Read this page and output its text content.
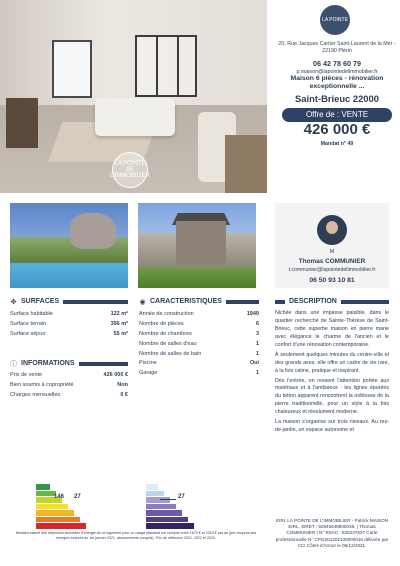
LA POINTE DE L'IMMOBILIER
LA POINTE
20, Rue Jacques Cartier Saint-Laurent de la Mer - 22190 Plérin
06 42 78 60 79
p.maison@lapointedelimmobilier.fr
Maison 6 pièces - rénovation exceptionnelle ...
Saint-Brieuc 22000
Offre de : VENTE
426 000 €
Mandat n° 49
M
Thomas COMMUNIER
t.communier@lapointedelimmobilier.fr
06 50 93 10 81
✥ SURFACES
Surface habitable	122 m²
Surface terrain	356 m²
Surface séjour	55 m²
◉ CARACTERISTIQUES
Année de construction	1949
Nombre de pièces	6
Nombre de chambres	3
Nombre de salles d'eau	1
Nombre de salles de bain	1
Piscine	Oui
Garage	1
ⓘ INFORMATIONS
Prix de vente	426 000 €
Bien soumis à copropriété	Non
Charges mensuelles	0 €
DESCRIPTION

Nichée dans une impasse paisible, dans le quartier recherché de Sainte-Thérèse de Saint-Brieuc, cette superbe maison en pierre marie avec élégance le charme de l'ancien et le confort d'une rénovation contemporaine.

À seulement quelques minutes du centre-ville et des grands axes, elle offre un cadre de vie rare, à la fois calme, pratique et inspirant.

Dès l'entrée, on ressent l'attention portée aux matériaux et à l'ambiance : les lignes épurées du béton apparent rencontrent la noblesse de la pierre traditionnelle, pour un style à la fois chaleureux et résolument moderne.

La maison s'organise sur trois niveaux. Au rez-de-jardin, un espace autonome et

146 27	27
Montant estimé des dépenses annuelles d'énergie de ce logement pour un usage standard est compris entre 1670 € et 2310 € par an (prix moyens des énergies indexés au 1er janvier 2021, abonnements compris). Prix de référence 2021, 2022 et 2023.
EIRL LA POINTE DE L'IMMOBILIER - Patrick MAISON EIRL, SIRET : 50946648900036, | Thomas COMMUNIER | N° RSAC : 828237537 Carte professionnelle N° CPI2201202100000016 délivrée par CCI Côtes d'Armor le 06/12/2021.
